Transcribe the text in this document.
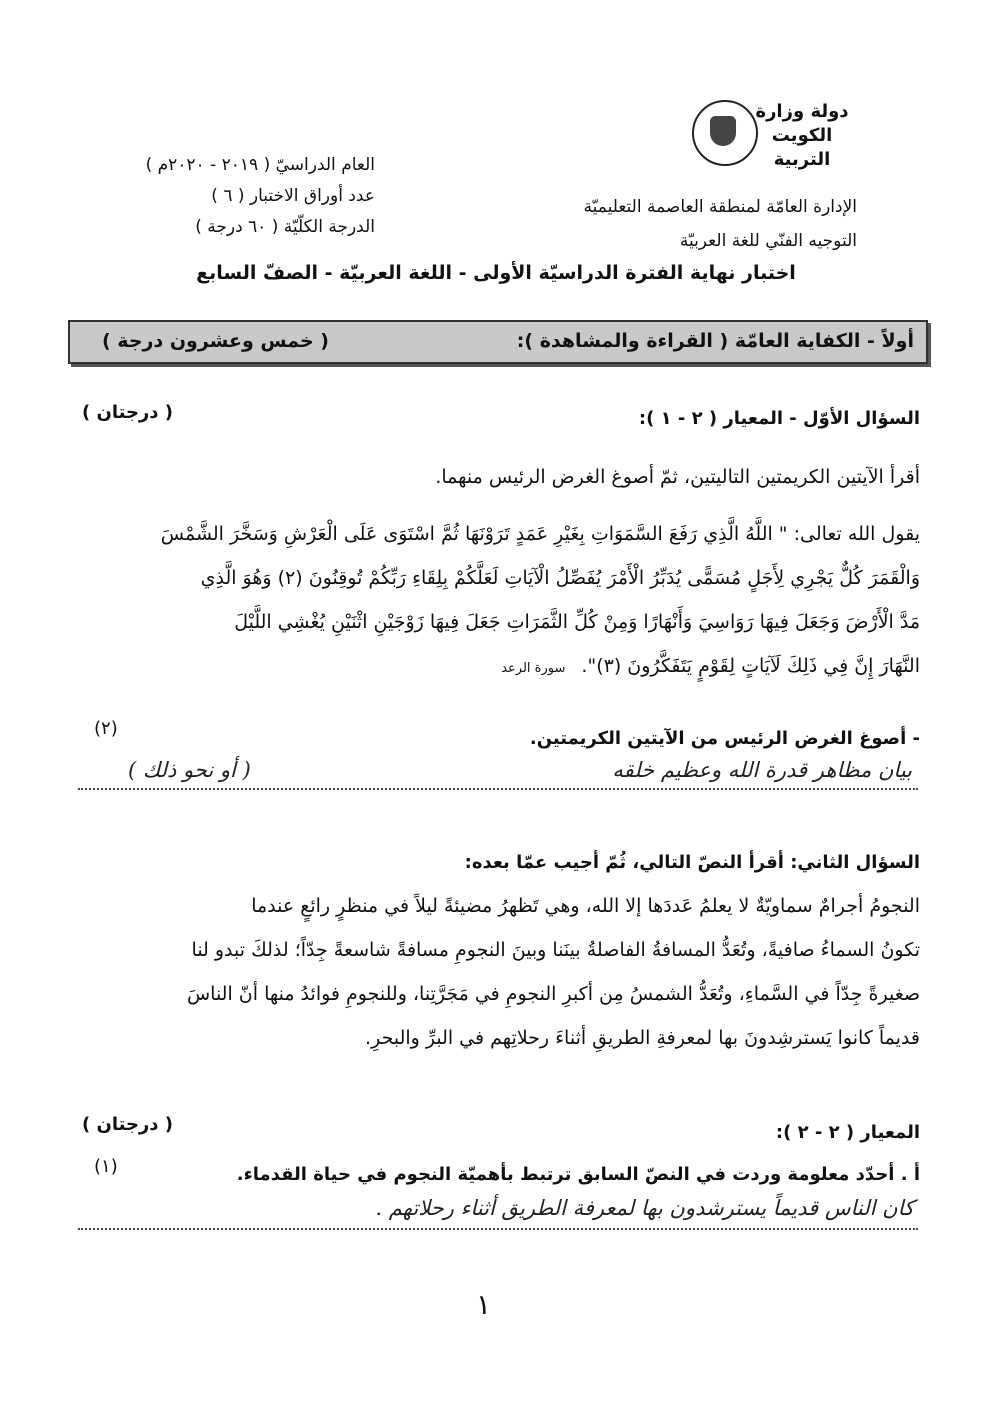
دولة وزارة
الكويت التربية
الإدارة العامّة لمنطقة العاصمة التعليميّة
التوجيه الفنّي للغة العربيّة
العام الدراسيّ ( ٢٠١٩ - ٢٠٢٠م )
عدد أوراق الاختبار ( ٦ )
الدرجة الكلّيّة ( ٦٠ درجة )
اختبار نهاية الفترة الدراسيّة الأولى - اللغة العربيّة - الصفّ السابع
أولاً - الكفاية العامّة ( القراءة والمشاهدة ):
( خمس وعشرون درجة )
السؤال الأوّل - المعيار ( ٢ - ١ ):
( درجتان )
أقرأ الآيتين الكريمتين التاليتين، ثمّ أصوغ الغرض الرئيس منهما.
يقول الله تعالى: " اللَّهُ الَّذِي رَفَعَ السَّمَوَاتِ بِغَيْرِ عَمَدٍ تَرَوْنَهَا ثُمَّ اسْتَوَى عَلَى الْعَرْشِ وَسَخَّرَ الشَّمْسَ
وَالْقَمَرَ كُلٌّ يَجْرِي لِأَجَلٍ مُسَمًّى يُدَبِّرُ الْأَمْرَ يُفَصِّلُ الْآيَاتِ لَعَلَّكُمْ بِلِقَاءِ رَبِّكُمْ تُوقِنُونَ (٢) وَهُوَ الَّذِي
مَدَّ الْأَرْضَ وَجَعَلَ فِيهَا رَوَاسِيَ وَأَنْهَارًا وَمِنْ كُلِّ الثَّمَرَاتِ جَعَلَ فِيهَا زَوْجَيْنِ اثْنَيْنِ يُغْشِي اللَّيْلَ
النَّهَارَ إِنَّ فِي ذَلِكَ لَآيَاتٍ لِقَوْمٍ يَتَفَكَّرُونَ (٣)". سورة الرعد
- أصوغ الغرض الرئيس من الآيتين الكريمتين.
(٢)
بيان مظاهر قدرة الله وعظيم خلقه
( أو نحو ذلك )
السؤال الثاني: أقرأ النصّ التالي، ثُمّ أجيب عمّا بعده:
النجومُ أجرامٌ سماويّةٌ لا يعلمُ عَددَها إلا الله، وهي تَظهرُ مضيئةً ليلاً في منظرٍ رائعٍ عندما
تكونُ السماءُ صافيةً، وتُعَدُّ المسافةُ الفاصلةُ بينَنا وبينَ النجومِ مسافةً شاسعةً جِدّاً؛ لذلكَ تبدو لنا
صغيرةً جِدّاً في السَّماءِ، وتُعَدُّ الشمسُ مِن أكبرِ النجومِ في مَجَرَّتِنا، وللنجومِ فوائدُ منها أنّ الناسَ
قديماً كانوا يَسترشِدونَ بها لمعرفةِ الطريقِ أثناءَ رحلاتِهم في البرِّ والبحرِ.
المعيار ( ٢ - ٢ ):
( درجتان )
أ . أحدّد معلومة وردت في النصّ السابق ترتبط بأهميّة النجوم في حياة القدماء.
(١)
كان الناس قديماً يسترشدون بها لمعرفة الطريق أثناء رحلاتهم .
١
